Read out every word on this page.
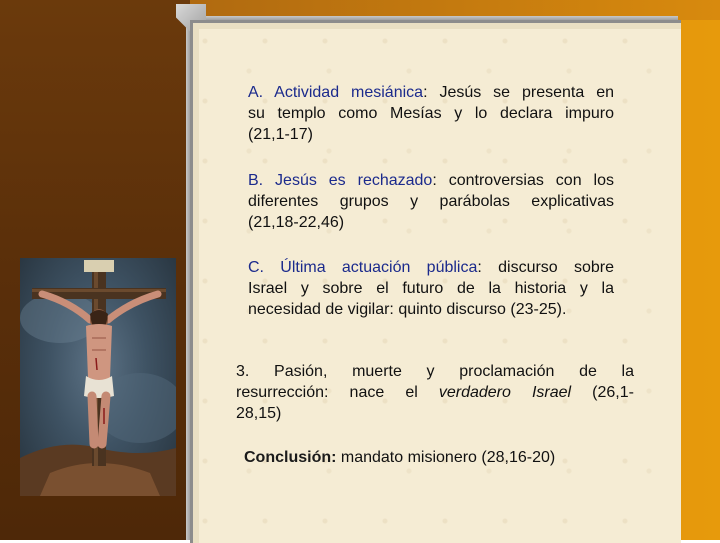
A. Actividad mesiánica: Jesús se presenta en
su templo como Mesías y lo declara impuro
(21,1-17)
B. Jesús es rechazado: controversias con los
diferentes grupos y parábolas explicativas
(21,18-22,46)
C. Última actuación pública: discurso sobre
Israel y sobre el futuro de la historia y la
necesidad de vigilar: quinto discurso (23-25).
3. Pasión, muerte y proclamación de la
resurrección: nace el verdadero Israel (26,1-
28,15)
Conclusión: mandato misionero (28,16-20)
